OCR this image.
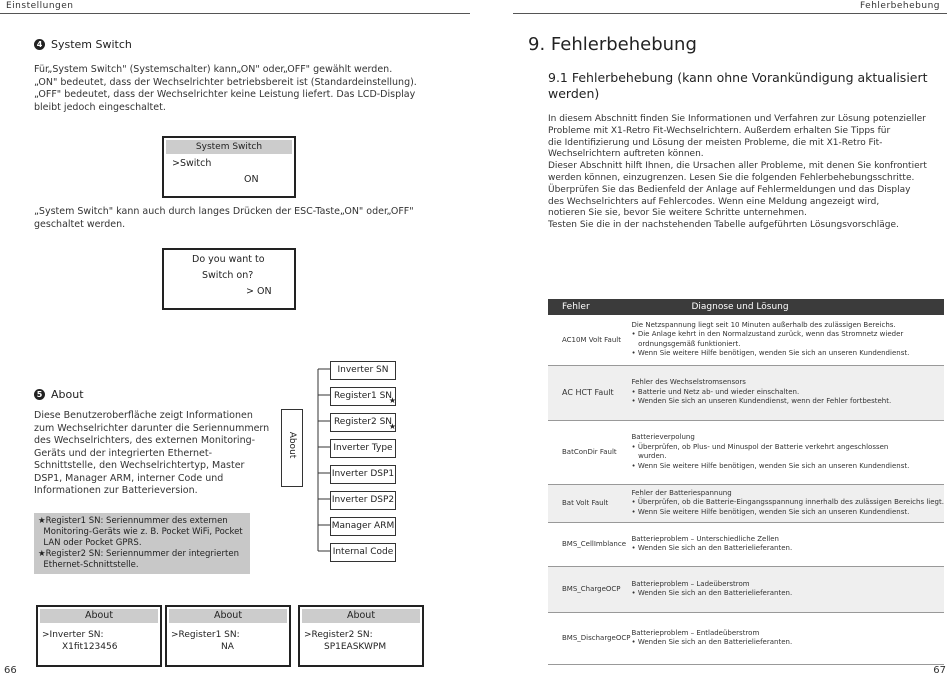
Einstellungen
4 System Switch
Für„System Switch" (Systemschalter) kann„ON" oder„OFF" gewählt werden.
„ON" bedeutet, dass der Wechselrichter betriebsbereit ist (Standardeinstellung).
„OFF" bedeutet, dass der Wechselrichter keine Leistung liefert. Das LCD-Display
bleibt jedoch eingeschaltet.
System Switch
>Switch
ON
„System Switch" kann auch durch langes Drücken der ESC-Taste„ON" oder„OFF"
geschaltet werden.
Do you want to
Switch on?
> ON
5 About
Diese Benutzeroberfläche zeigt Informationen
zum Wechselrichter darunter die Seriennummern
des Wechselrichters, des externen Monitoring-
Geräts und der integrierten Ethernet-
Schnittstelle, den Wechselrichtertyp, Master
DSP1, Manager ARM, interner Code und
Informationen zur Batterieversion.
About
Inverter SN
Register1 SN
★
Register2 SN
★
Inverter Type
Inverter DSP1
Inverter DSP2
Manager ARM
Internal Code
★Register1 SN: Seriennummer des externen
Monitoring-Geräts wie z. B. Pocket WiFi, Pocket
LAN oder Pocket GPRS.
★Register2 SN: Seriennummer der integrierten
Ethernet-Schnittstelle.
About
>Inverter SN:
X1fit123456
About
>Register1 SN:
NA
About
>Register2 SN:
SP1EASKWPM
66
Fehlerbehebung
9. Fehlerbehebung
9.1 Fehlerbehebung (kann ohne Vorankündigung aktualisiert
werden)
In diesem Abschnitt finden Sie Informationen und Verfahren zur Lösung potenzieller
Probleme mit X1-Retro Fit-Wechselrichtern. Außerdem erhalten Sie Tipps für
die Identifizierung und Lösung der meisten Probleme, die mit X1-Retro Fit-
Wechselrichtern auftreten können.
Dieser Abschnitt hilft Ihnen, die Ursachen aller Probleme, mit denen Sie konfrontiert
werden können, einzugrenzen. Lesen Sie die folgenden Fehlerbehebungsschritte.
Überprüfen Sie das Bedienfeld der Anlage auf Fehlermeldungen und das Display
des Wechselrichters auf Fehlercodes. Wenn eine Meldung angezeigt wird,
notieren Sie sie, bevor Sie weitere Schritte unternehmen.
Testen Sie die in der nachstehenden Tabelle aufgeführten Lösungsvorschläge.
Fehler	Diagnose und Lösung
AC10M Volt Fault	Die Netzspannung liegt seit 10 Minuten außerhalb des zulässigen Bereichs.
• Die Anlage kehrt in den Normalzustand zurück, wenn das Stromnetz wieder
ordnungsgemäß funktioniert.
• Wenn Sie weitere Hilfe benötigen, wenden Sie sich an unseren Kundendienst.

AC HCT Fault	Fehler des Wechselstromsensors
• Batterie und Netz ab- und wieder einschalten.
• Wenden Sie sich an unseren Kundendienst, wenn der Fehler fortbesteht.

BatConDir Fault	Batterieverpolung
• Überprüfen, ob Plus- und Minuspol der Batterie verkehrt angeschlossen
wurden.
• Wenn Sie weitere Hilfe benötigen, wenden Sie sich an unseren Kundendienst.

Bat Volt Fault	Fehler der Batteriespannung
• Überprüfen, ob die Batterie-Eingangsspannung innerhalb des zulässigen Bereichs liegt.
• Wenn Sie weitere Hilfe benötigen, wenden Sie sich an unseren Kundendienst.

BMS_CellImblance	Batterieproblem – Unterschiedliche Zellen
• Wenden Sie sich an den Batterielieferanten.

BMS_ChargeOCP	Batterieproblem – Ladeüberstrom
• Wenden Sie sich an den Batterielieferanten.

BMS_DischargeOCP	Batterieproblem – Entladeüberstrom
• Wenden Sie sich an den Batterielieferanten.
67
